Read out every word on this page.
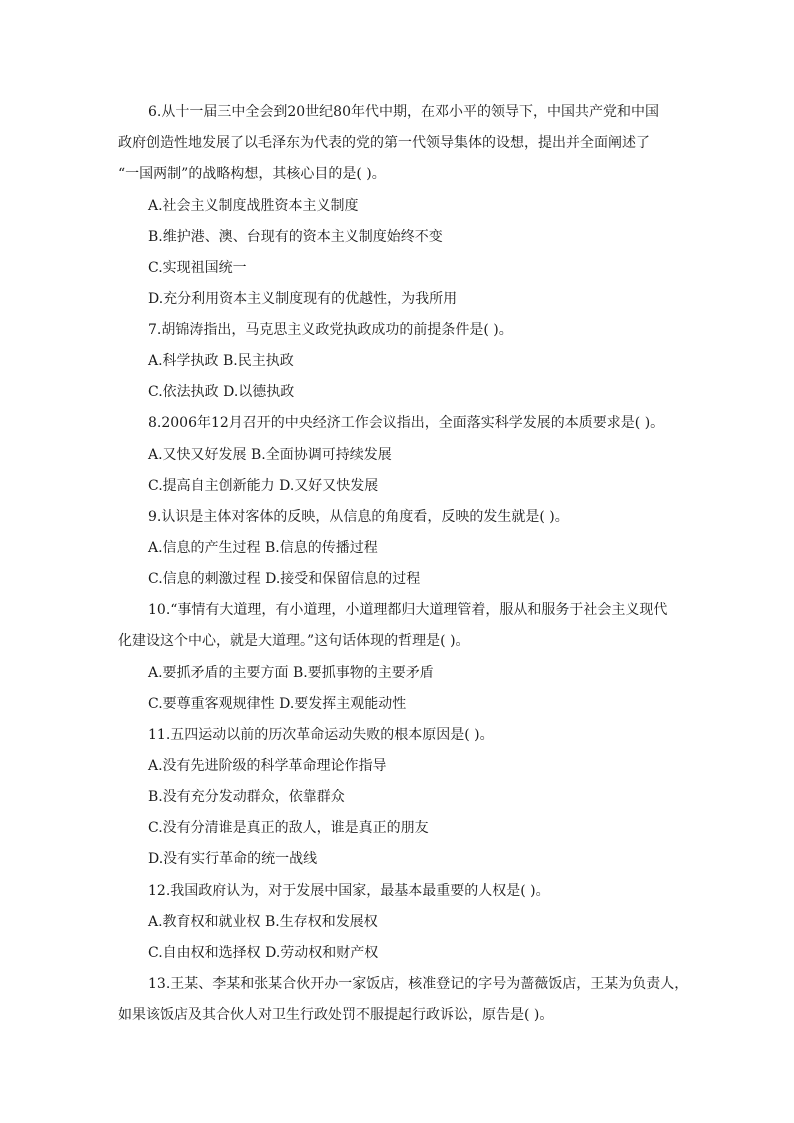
6.从十一届三中全会到20世纪80年代中期，在邓小平的领导下，中国共产党和中国
政府创造性地发展了以毛泽东为代表的党的第一代领导集体的设想，提出并全面阐述了
“一国两制”的战略构想，其核心目的是( )。
A.社会主义制度战胜资本主义制度
B.维护港、澳、台现有的资本主义制度始终不变
C.实现祖国统一
D.充分利用资本主义制度现有的优越性，为我所用
7.胡锦涛指出，马克思主义政党执政成功的前提条件是( )。
A.科学执政 B.民主执政
C.依法执政 D.以德执政
8.2006年12月召开的中央经济工作会议指出，全面落实科学发展的本质要求是( )。
A.又快又好发展 B.全面协调可持续发展
C.提高自主创新能力 D.又好又快发展
9.认识是主体对客体的反映，从信息的角度看，反映的发生就是( )。
A.信息的产生过程 B.信息的传播过程
C.信息的刺激过程 D.接受和保留信息的过程
10.“事情有大道理，有小道理，小道理都归大道理管着，服从和服务于社会主义现代
化建设这个中心，就是大道理。”这句话体现的哲理是( )。
A.要抓矛盾的主要方面 B.要抓事物的主要矛盾
C.要尊重客观规律性 D.要发挥主观能动性
11.五四运动以前的历次革命运动失败的根本原因是( )。
A.没有先进阶级的科学革命理论作指导
B.没有充分发动群众，依靠群众
C.没有分清谁是真正的敌人，谁是真正的朋友
D.没有实行革命的统一战线
12.我国政府认为，对于发展中国家，最基本最重要的人权是( )。
A.教育权和就业权 B.生存权和发展权
C.自由权和选择权 D.劳动权和财产权
13.王某、李某和张某合伙开办一家饭店，核准登记的字号为蔷薇饭店，王某为负责人，
如果该饭店及其合伙人对卫生行政处罚不服提起行政诉讼，原告是( )。
